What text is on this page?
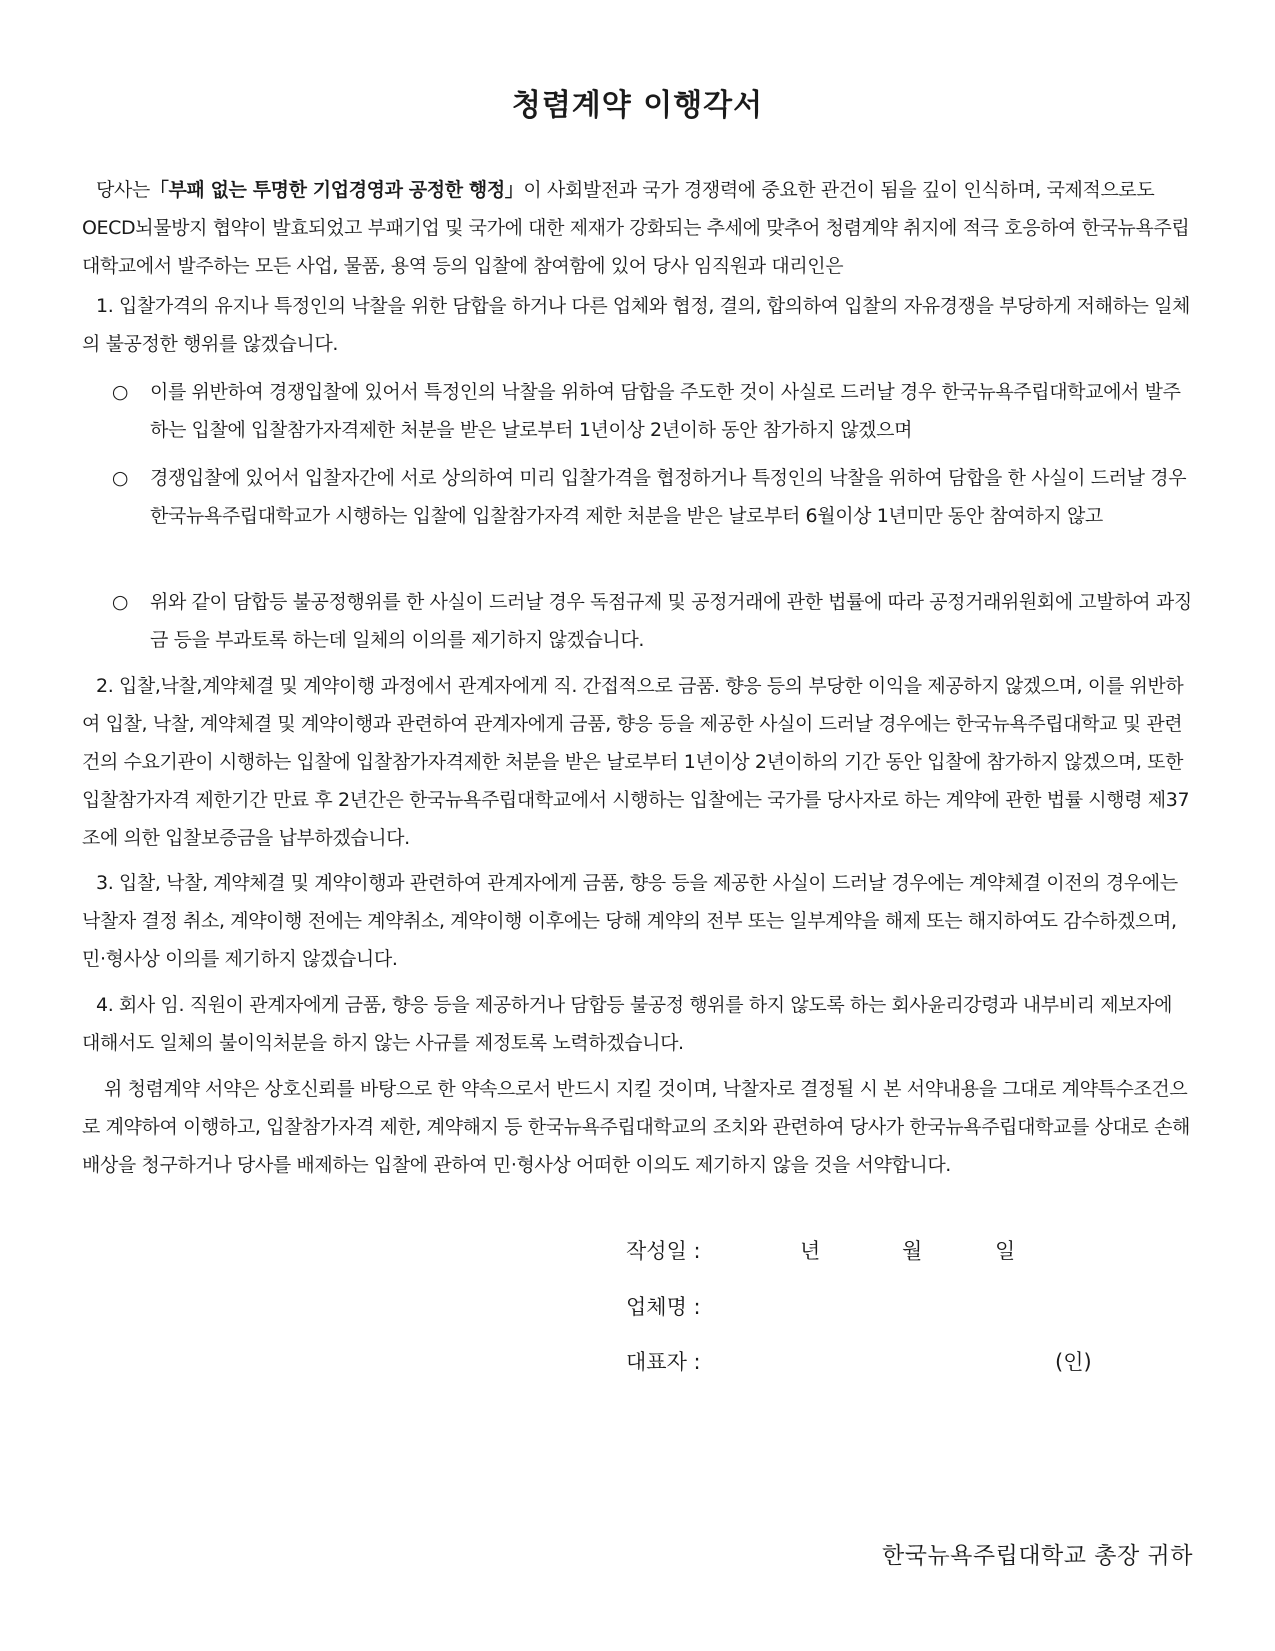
청렴계약 이행각서

당사는「부패 없는 투명한 기업경영과 공정한 행정」이 사회발전과 국가 경쟁력에 중요한 관건이 됨을 깊이 인식하며, 국제적으로도 OECD뇌물방지 협약이 발효되었고 부패기업 및 국가에 대한 제재가 강화되는 추세에 맞추어 청렴계약 취지에 적극 호응하여 한국뉴욕주립대학교에서 발주하는 모든 사업, 물품, 용역 등의 입찰에 참여함에 있어 당사 임직원과 대리인은

1. 입찰가격의 유지나 특정인의 낙찰을 위한 담합을 하거나 다른 업체와 협정, 결의, 합의하여 입찰의 자유경쟁을 부당하게 저해하는 일체의 불공정한 행위를 않겠습니다.

○ 이를 위반하여 경쟁입찰에 있어서 특정인의 낙찰을 위하여 담합을 주도한 것이 사실로 드러날 경우 한국뉴욕주립대학교에서 발주하는 입찰에 입찰참가자격제한 처분을 받은 날로부터 1년이상 2년이하 동안 참가하지 않겠으며

○ 경쟁입찰에 있어서 입찰자간에 서로 상의하여 미리 입찰가격을 협정하거나 특정인의 낙찰을 위하여 담합을 한 사실이 드러날 경우 한국뉴욕주립대학교가 시행하는 입찰에 입찰참가자격 제한 처분을 받은 날로부터 6월이상 1년미만 동안 참여하지 않고

○ 위와 같이 담합등 불공정행위를 한 사실이 드러날 경우 독점규제 및 공정거래에 관한 법률에 따라 공정거래위원회에 고발하여 과징금 등을 부과토록 하는데 일체의 이의를 제기하지 않겠습니다.

2. 입찰,낙찰,계약체결 및 계약이행 과정에서 관계자에게 직. 간접적으로 금품. 향응 등의 부당한 이익을 제공하지 않겠으며, 이를 위반하여 입찰, 낙찰, 계약체결 및 계약이행과 관련하여 관계자에게 금품, 향응 등을 제공한 사실이 드러날 경우에는 한국뉴욕주립대학교 및 관련 건의 수요기관이 시행하는 입찰에 입찰참가자격제한 처분을 받은 날로부터 1년이상 2년이하의 기간 동안 입찰에 참가하지 않겠으며, 또한 입찰참가자격 제한기간 만료 후 2년간은 한국뉴욕주립대학교에서 시행하는 입찰에는 국가를 당사자로 하는 계약에 관한 법률 시행령 제37조에 의한 입찰보증금을 납부하겠습니다.

3. 입찰, 낙찰, 계약체결 및 계약이행과 관련하여 관계자에게 금품, 향응 등을 제공한 사실이 드러날 경우에는 계약체결 이전의 경우에는 낙찰자 결정 취소, 계약이행 전에는 계약취소, 계약이행 이후에는 당해 계약의 전부 또는 일부계약을 해제 또는 해지하여도 감수하겠으며, 민·형사상 이의를 제기하지 않겠습니다.

4. 회사 임. 직원이 관계자에게 금품, 향응 등을 제공하거나 담합등 불공정 행위를 하지 않도록 하는 회사윤리강령과 내부비리 제보자에 대해서도 일체의 불이익처분을 하지 않는 사규를 제정토록 노력하겠습니다.

위 청렴계약 서약은 상호신뢰를 바탕으로 한 약속으로서 반드시 지킬 것이며, 낙찰자로 결정될 시 본 서약내용을 그대로 계약특수조건으로 계약하여 이행하고, 입찰참가자격 제한, 계약해지 등 한국뉴욕주립대학교의 조치와 관련하여 당사가 한국뉴욕주립대학교를 상대로 손해배상을 청구하거나 당사를 배제하는 입찰에 관하여 민·형사상 어떠한 이의도 제기하지 않을 것을 서약합니다.

작성일 :	년	월	일
업체명 :
대표자 :	(인)
한국뉴욕주립대학교 총장 귀하
